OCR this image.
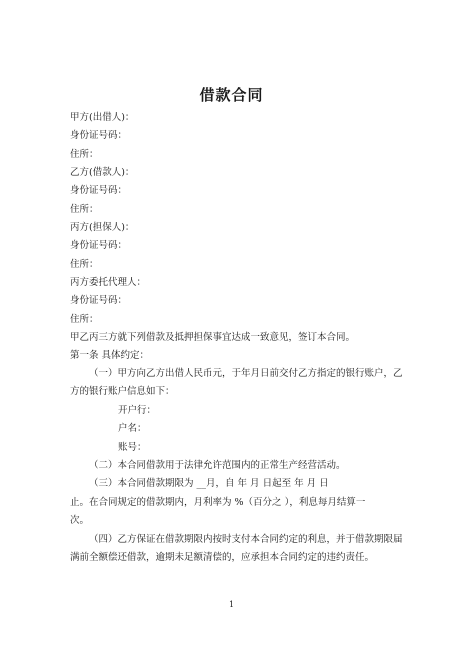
借款合同
甲方(出借人)：
身份证号码：
住所：
乙方(借款人)：
身份证号码：
住所：
丙方(担保人)：
身份证号码：
住所：
丙方委托代理人：
身份证号码：
住所：
甲乙丙三方就下列借款及抵押担保事宜达成一致意见，签订本合同。
第一条 具体约定：
（一）甲方向乙方出借人民币元，于年月日前交付乙方指定的银行账户，乙
方的银行账户信息如下：
开户行：
户名：
账号：
（二）本合同借款用于法律允许范围内的正常生产经营活动。
（三）本合同借款期限为 __月，自 年 月 日起至 年 月 日
止。在合同规定的借款期内，月利率为 %（百分之 ），利息每月结算一
次。
（四）乙方保证在借款期限内按时支付本合同约定的利息，并于借款期限届
满前全额偿还借款，逾期未足额清偿的，应承担本合同约定的违约责任。
1
